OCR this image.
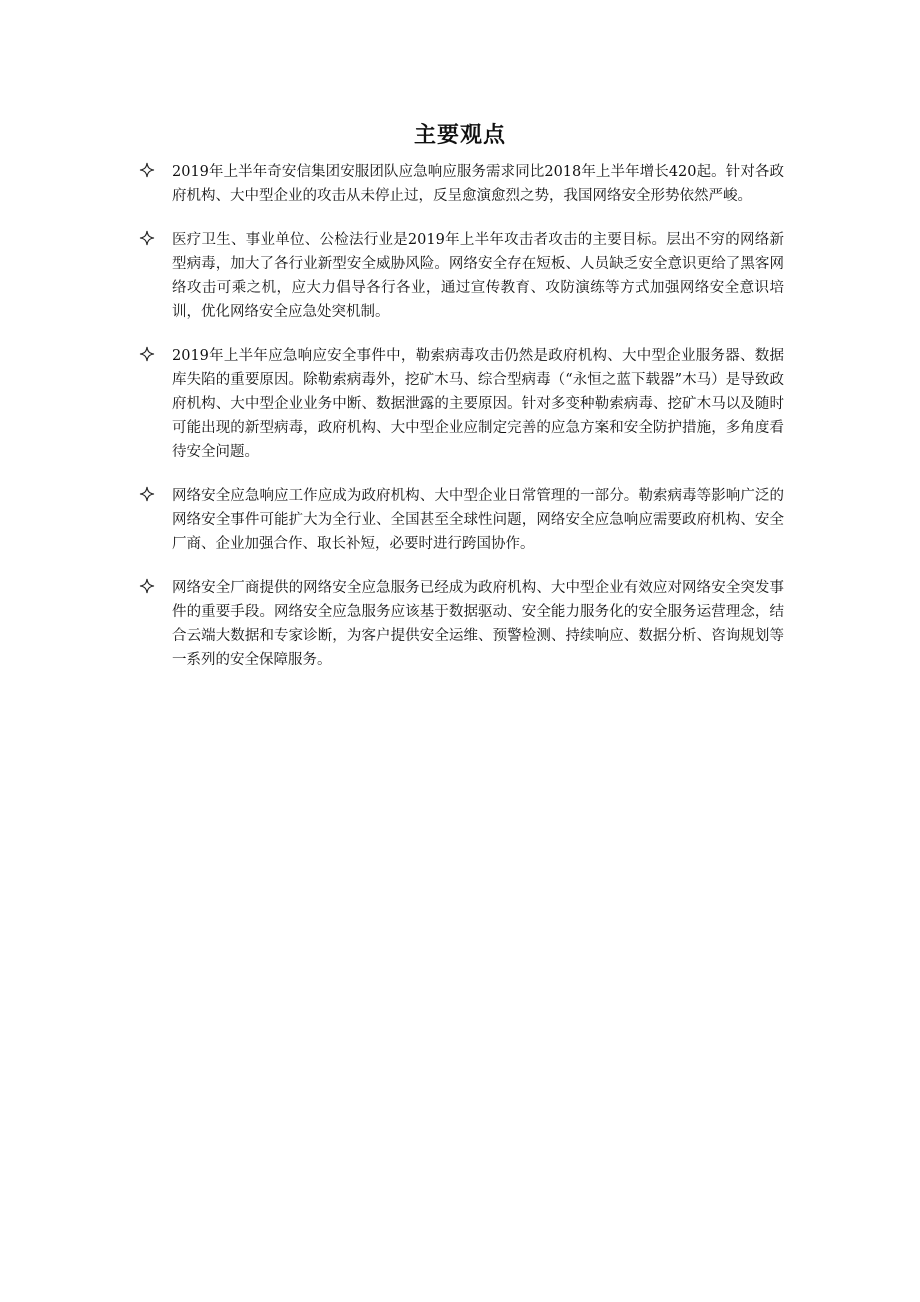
主要观点
2019年上半年奇安信集团安服团队应急响应服务需求同比2018年上半年增长420起。针对各政府机构、大中型企业的攻击从未停止过，反呈愈演愈烈之势，我国网络安全形势依然严峻。
医疗卫生、事业单位、公检法行业是2019年上半年攻击者攻击的主要目标。层出不穷的网络新型病毒，加大了各行业新型安全威胁风险。网络安全存在短板、人员缺乏安全意识更给了黑客网络攻击可乘之机，应大力倡导各行各业，通过宣传教育、攻防演练等方式加强网络安全意识培训，优化网络安全应急处突机制。
2019年上半年应急响应安全事件中，勒索病毒攻击仍然是政府机构、大中型企业服务器、数据库失陷的重要原因。除勒索病毒外，挖矿木马、综合型病毒（“永恒之蓝下载器”木马）是导致政府机构、大中型企业业务中断、数据泄露的主要原因。针对多变种勒索病毒、挖矿木马以及随时可能出现的新型病毒，政府机构、大中型企业应制定完善的应急方案和安全防护措施，多角度看待安全问题。
网络安全应急响应工作应成为政府机构、大中型企业日常管理的一部分。勒索病毒等影响广泛的网络安全事件可能扩大为全行业、全国甚至全球性问题，网络安全应急响应需要政府机构、安全厂商、企业加强合作、取长补短，必要时进行跨国协作。
网络安全厂商提供的网络安全应急服务已经成为政府机构、大中型企业有效应对网络安全突发事件的重要手段。网络安全应急服务应该基于数据驱动、安全能力服务化的安全服务运营理念，结合云端大数据和专家诊断，为客户提供安全运维、预警检测、持续响应、数据分析、咨询规划等一系列的安全保障服务。
